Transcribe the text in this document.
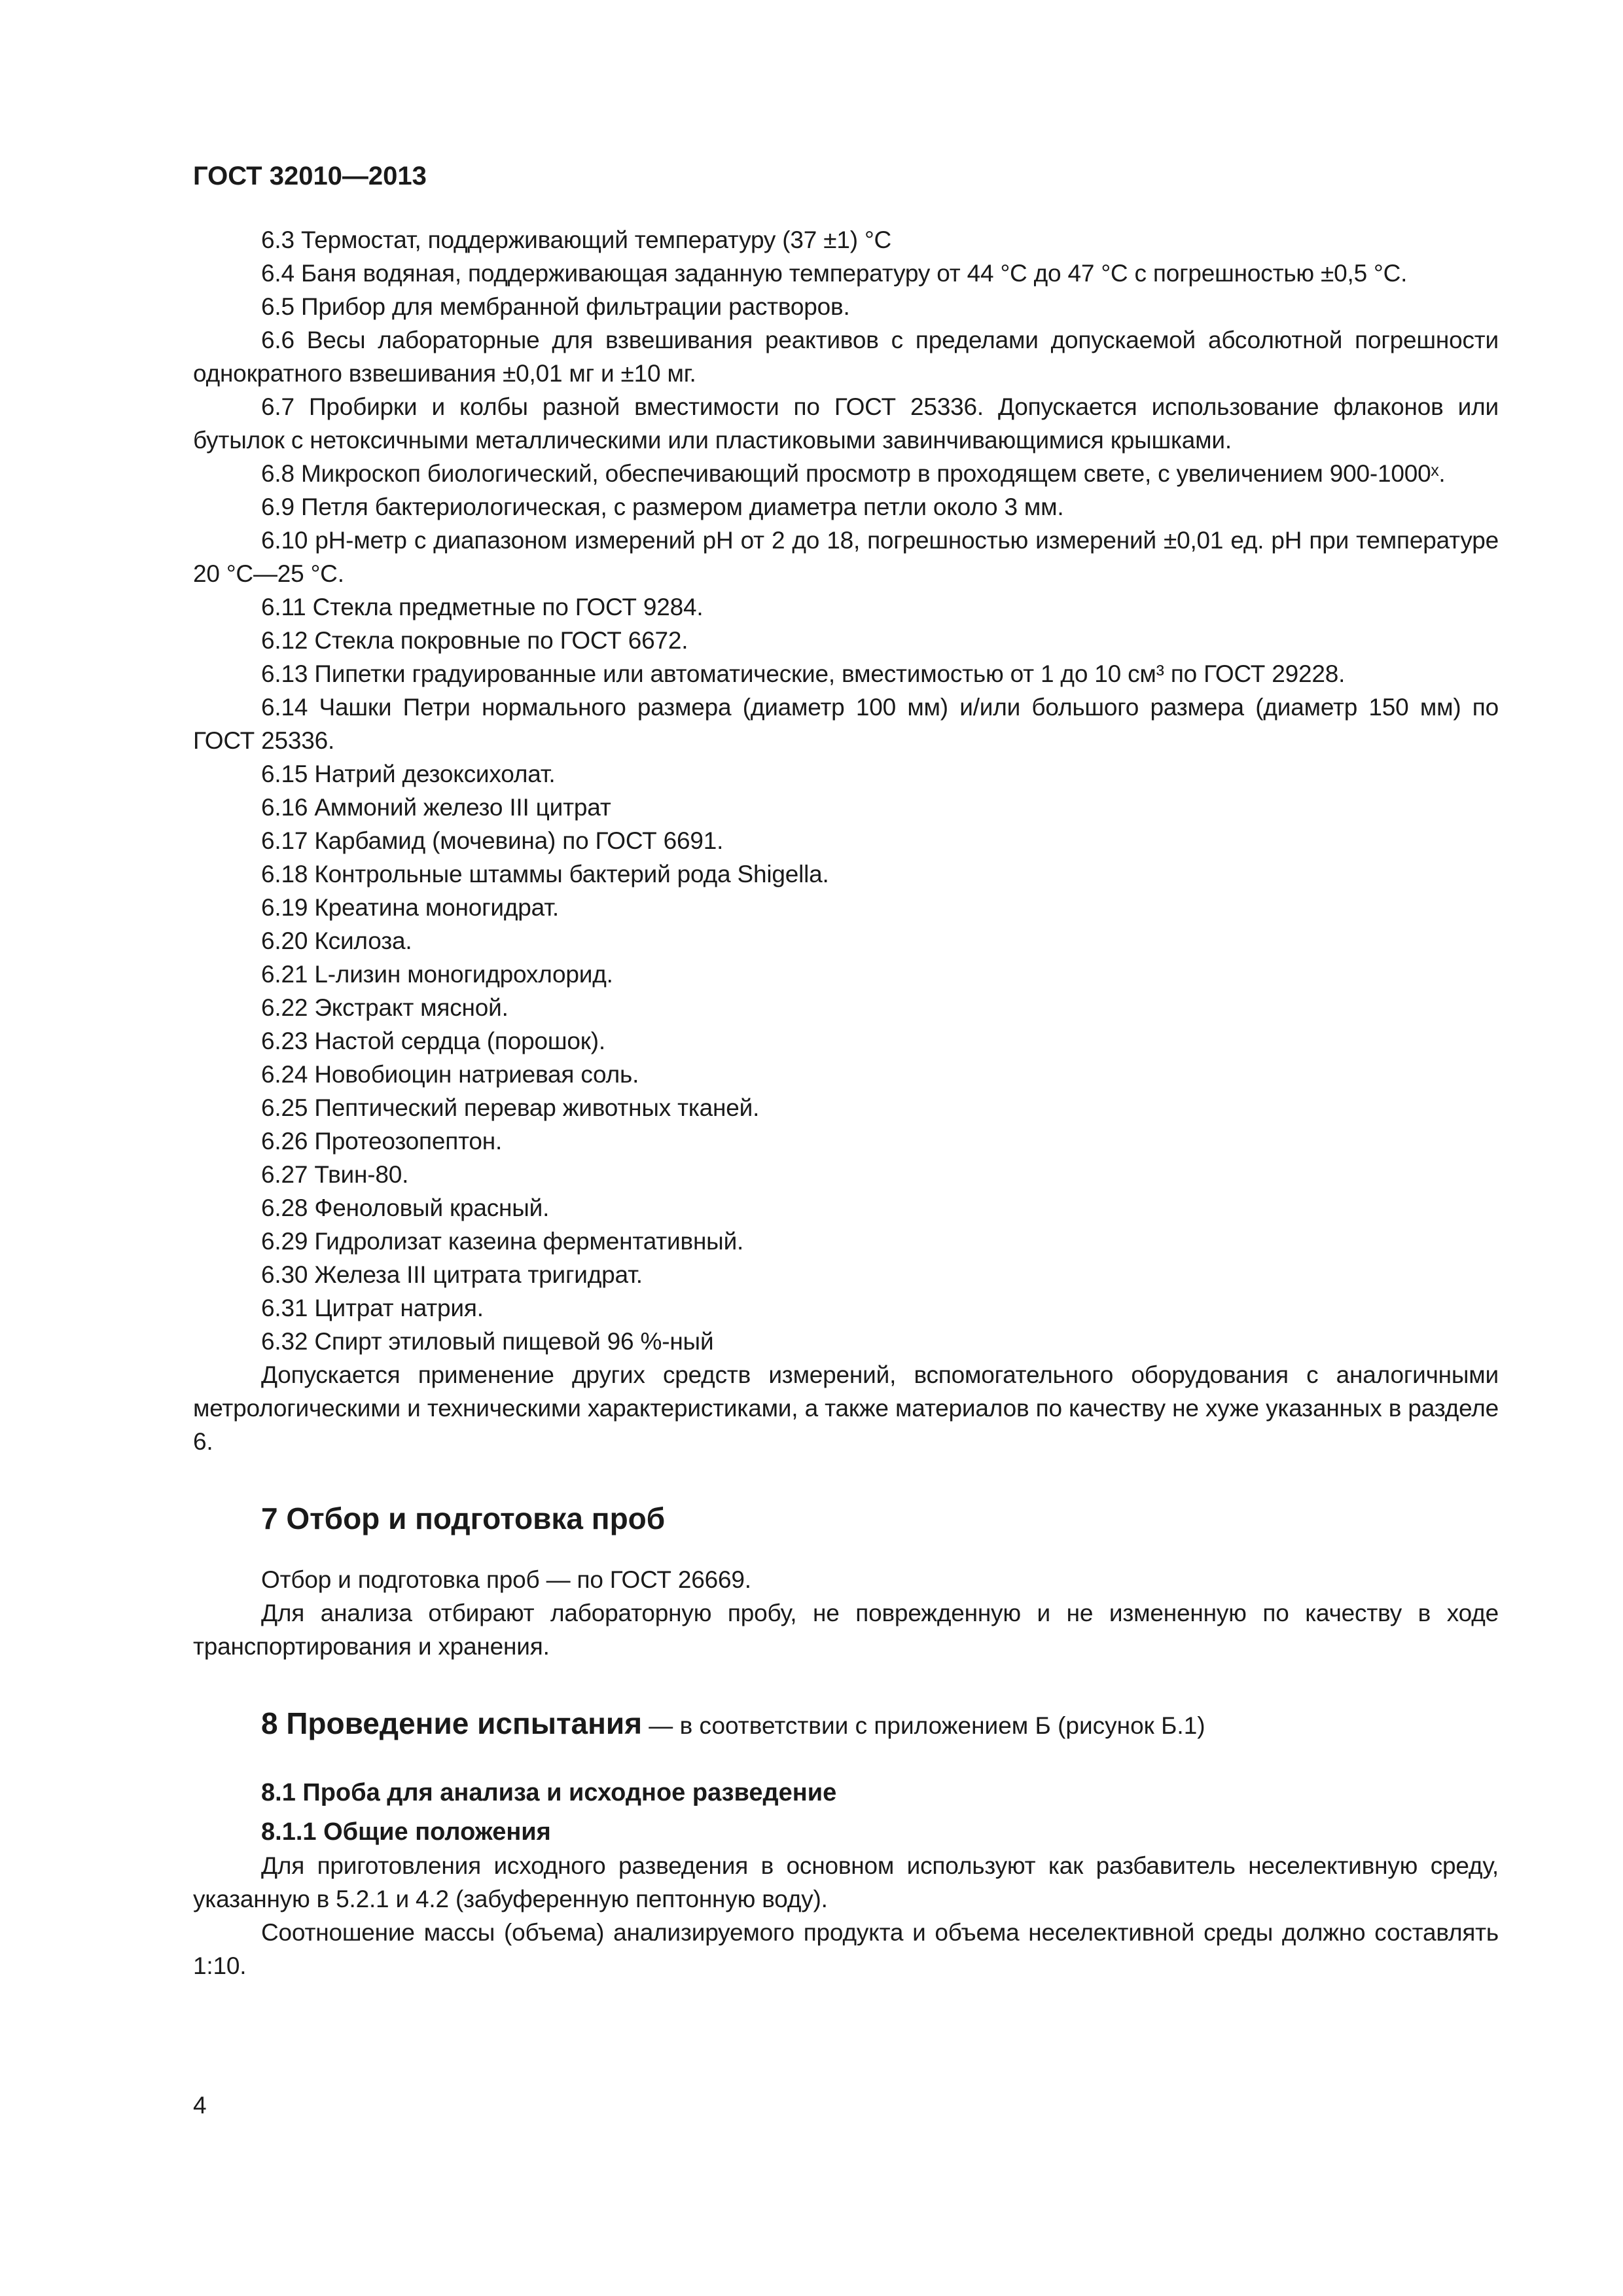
ГОСТ 32010—2013

6.3 Термостат, поддерживающий температуру (37 ±1) °С

6.4 Баня водяная, поддерживающая заданную температуру от 44 °С до 47 °С с погрешностью ±0,5 °С.

6.5 Прибор для мембранной фильтрации растворов.

6.6 Весы лабораторные для взвешивания реактивов с пределами допускаемой абсолютной погрешности однократного взвешивания ±0,01 мг и ±10 мг.

6.7 Пробирки и колбы разной вместимости по ГОСТ 25336. Допускается использование флаконов или бутылок с нетоксичными металлическими или пластиковыми завинчивающимися крышками.

6.8 Микроскоп биологический, обеспечивающий просмотр в проходящем свете, с увеличением 900-1000ˣ.

6.9 Петля бактериологическая, с размером диаметра петли около 3 мм.

6.10 pH-метр с диапазоном измерений pH от 2 до 18, погрешностью измерений ±0,01 ед. pH при температуре 20 °С—25 °С.

6.11 Стекла предметные по ГОСТ 9284.

6.12 Стекла покровные по ГОСТ 6672.

6.13 Пипетки градуированные или автоматические, вместимостью от 1 до 10 см³ по ГОСТ 29228.

6.14 Чашки Петри нормального размера (диаметр 100 мм) и/или большого размера (диаметр 150 мм) по ГОСТ 25336.

6.15 Натрий дезоксихолат.

6.16 Аммоний железо III цитрат

6.17 Карбамид (мочевина) по ГОСТ 6691.

6.18 Контрольные штаммы бактерий рода Shigella.

6.19 Креатина моногидрат.

6.20 Ксилоза.

6.21 L-лизин моногидрохлорид.

6.22 Экстракт мясной.

6.23 Настой сердца (порошок).

6.24 Новобиоцин натриевая соль.

6.25 Пептический перевар животных тканей.

6.26 Протеозопептон.

6.27 Твин-80.

6.28 Феноловый красный.

6.29 Гидролизат казеина ферментативный.

6.30 Железа III цитрата тригидрат.

6.31 Цитрат натрия.

6.32 Спирт этиловый пищевой 96 %-ный

Допускается применение других средств измерений, вспомогательного оборудования с аналогичными метрологическими и техническими характеристиками, а также материалов по качеству не хуже указанных в разделе 6.

7 Отбор и подготовка проб

Отбор и подготовка проб — по ГОСТ 26669.

Для анализа отбирают лабораторную пробу, не поврежденную и не измененную по качеству в ходе транспортирования и хранения.

8 Проведение испытания — в соответствии с приложением Б (рисунок Б.1)
8.1 Проба для анализа и исходное разведение
8.1.1 Общие положения

Для приготовления исходного разведения в основном используют как разбавитель неселективную среду, указанную в 5.2.1 и 4.2 (забуференную пептонную воду).

Соотношение массы (объема) анализируемого продукта и объема неселективной среды должно составлять 1:10.

4
